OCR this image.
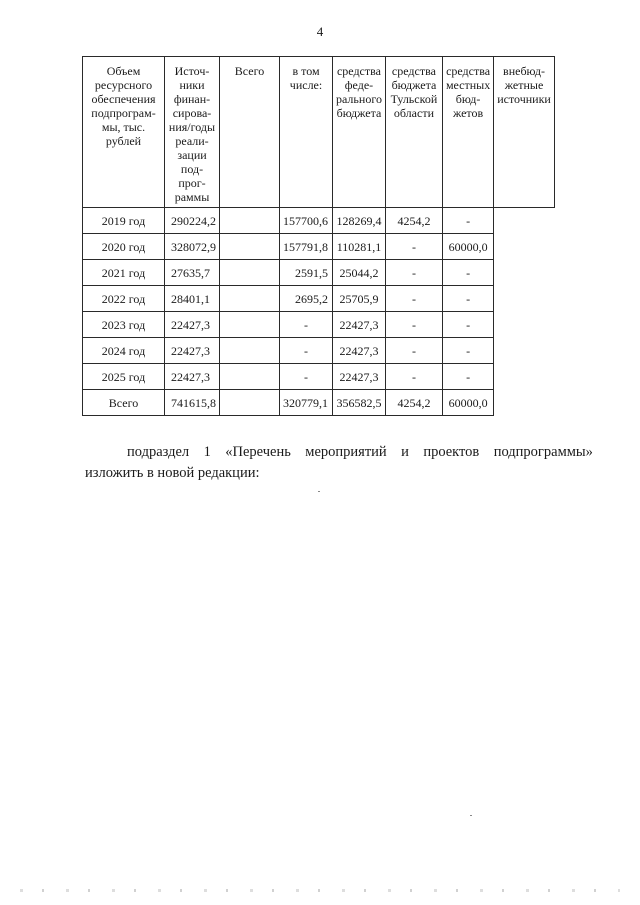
4
Объем ресурсного обеспечения подпрограм-мы, тыс. рублей	Источ-ники финан-сирова-ния/годы реали-зации под-прог-раммы	Всего	в том числе:	средства феде-рального бюджета	средства бюджета Тульской области	средства местных бюд-жетов	внебюд-жетные источники
2019 год	290224,2		157700,6	128269,4	4254,2	-	
2020 год	328072,9		157791,8	110281,1	-	60000,0	
2021 год	27635,7		2591,5	25044,2	-	-	
2022 год	28401,1		2695,2	25705,9	-	-	
2023 год	22427,3		-	22427,3	-	-	
2024 год	22427,3		-	22427,3	-	-	
2025 год	22427,3		-	22427,3	-	-	
Всего	741615,8		320779,1	356582,5	4254,2	60000,0	
подраздел 1 «Перечень мероприятий и проектов подпрограммы»
изложить в новой редакции:
